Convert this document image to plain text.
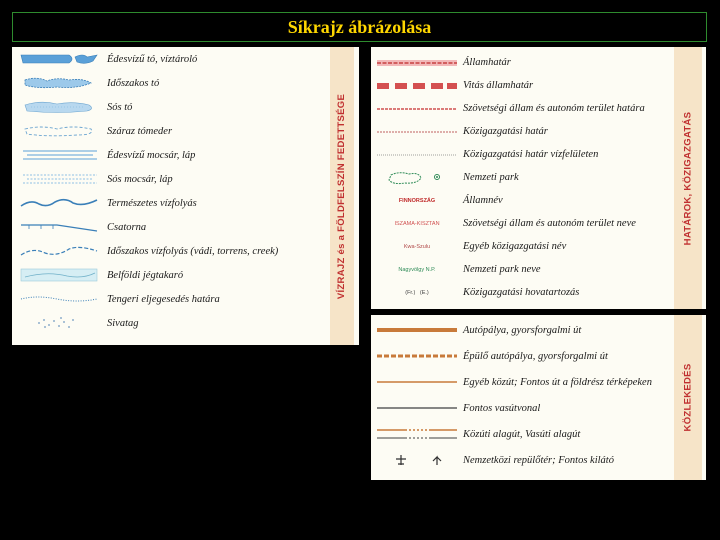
Síkrajz ábrázolása
Édesvízű tó, víztároló
Időszakos tó
Sós tó
Száraz tómeder
Édesvízű mocsár, láp
Sós mocsár, láp
Természetes vízfolyás
Csatorna
Időszakos vízfolyás (vádi, torrens, creek)
Belföldi jégtakaró
Tengeri eljegesedés határa
Sivatag
VÍZRAJZ és a FÖLDFELSZÍN FEDETTSÉGE
Államhatár
Vitás államhatár
Szövetségi állam és autonóm terület határa
Közigazgatási határ
Közigazgatási határ vízfelületen
Nemzeti park
FINNORSZÁG	Államnév
ISZAMA-KISZTAN Szövetségi állam és autonóm terület neve
Kwa-Szulu	Egyéb közigazgatási név
Nagyvölgy N.P.	Nemzeti park neve
(Fr.)   (E.)	Közigazgatási hovatartozás
HATÁROK, KÖZIGAZGATÁS
Autópálya, gyorsforgalmi út
Épülő autópálya, gyorsforgalmi út
Egyéb közút; Fontos út a földrész térképeken
Fontos vasútvonal
Közúti alagút, Vasúti alagút
Nemzetközi repülőtér; Fontos kilátó
KÖZLEKEDÉS
